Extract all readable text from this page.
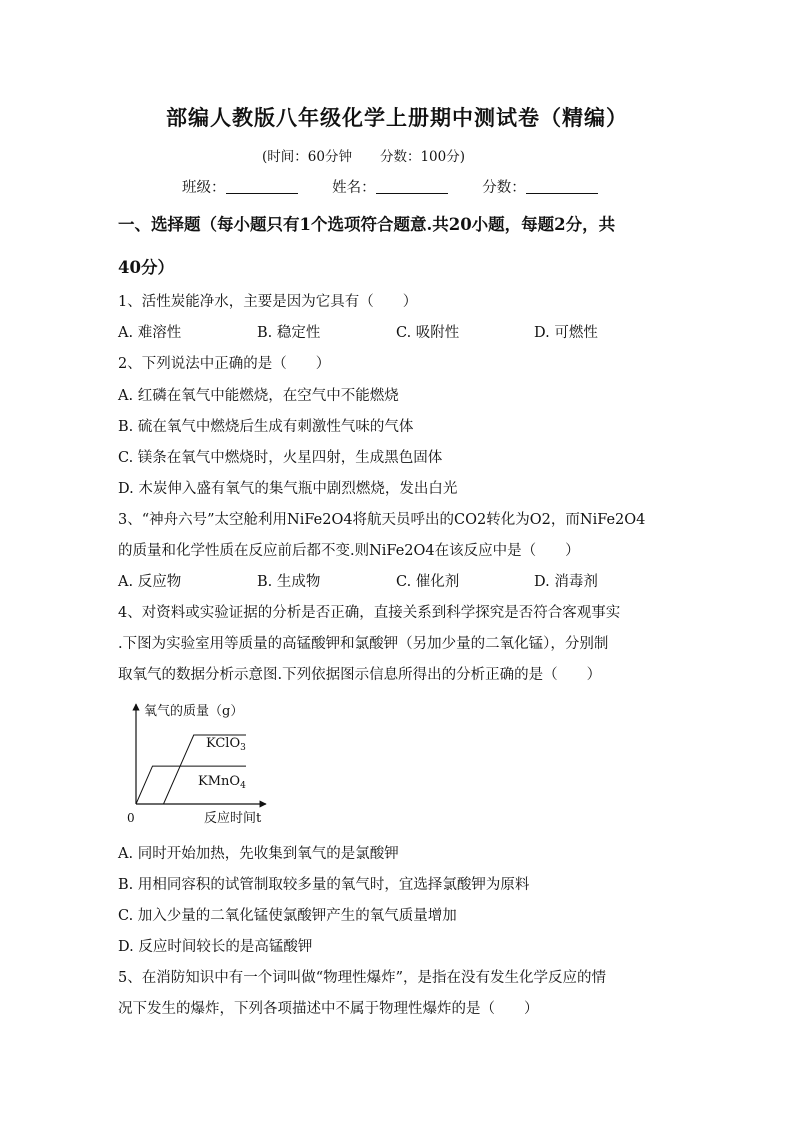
部编人教版八年级化学上册期中测试卷（精编）
(时间：60分钟 分数：100分)
班级：	姓名：	分数：
一、选择题（每小题只有1个选项符合题意.共20小题，每题2分，共
40分）
1、活性炭能净水，主要是因为它具有（　　）
A. 难溶性	B. 稳定性	C. 吸附性	D. 可燃性
2、下列说法中正确的是（　　）
A. 红磷在氧气中能燃烧，在空气中不能燃烧
B. 硫在氧气中燃烧后生成有刺激性气味的气体
C. 镁条在氧气中燃烧时，火星四射，生成黑色固体
D. 木炭伸入盛有氧气的集气瓶中剧烈燃烧，发出白光
3、“神舟六号”太空舱利用NiFe2O4将航天员呼出的CO2转化为O2，而NiFe2O4
的质量和化学性质在反应前后都不变.则NiFe2O4在该反应中是（　　）
A. 反应物	B. 生成物	C. 催化剂	D. 消毒剂
4、对资料或实验证据的分析是否正确，直接关系到科学探究是否符合客观事实
.下图为实验室用等质量的高锰酸钾和氯酸钾（另加少量的二氧化锰），分别制
取氧气的数据分析示意图.下列依据图示信息所得出的分析正确的是（　　）
氧气的质量（g）
反应时间t
0
KClO$_3$
KMnO$_4$
A. 同时开始加热，先收集到氧气的是氯酸钾
B. 用相同容积的试管制取较多量的氧气时，宜选择氯酸钾为原料
C. 加入少量的二氧化锰使氯酸钾产生的氧气质量增加
D. 反应时间较长的是高锰酸钾
5、在消防知识中有一个词叫做“物理性爆炸”，是指在没有发生化学反应的情
况下发生的爆炸，下列各项描述中不属于物理性爆炸的是（　　）
